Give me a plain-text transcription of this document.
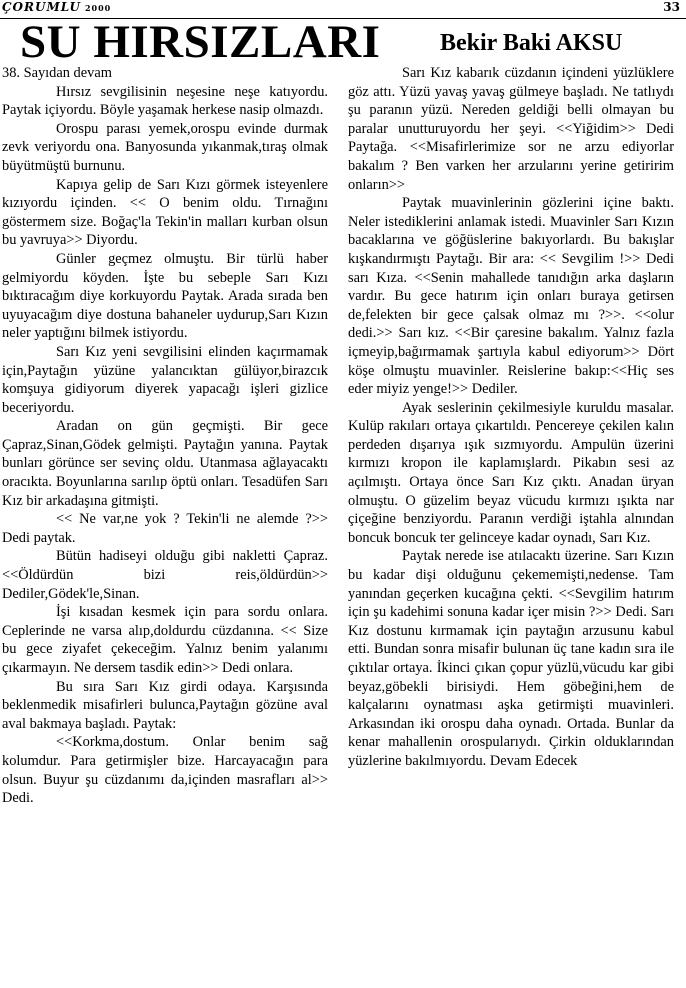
ÇORUMLU 2000	33
SU HIRSIZLARI Bekir Baki AKSU

38. Sayıdan devam

Hırsız sevgilisinin neşesine neşe katıyordu. Paytak içiyordu. Böyle yaşamak herkese nasip olmazdı.

Orospu parası yemek,orospu evinde durmak zevk veriyordu ona. Banyosunda yıkanmak,tıraş olmak büyütmüştü burnunu.

Kapıya gelip de Sarı Kızı görmek isteyenlere kızıyordu içinden. << O benim oldu. Tırnağını göstermem size. Boğaç'la Tekin'in malları kurban olsun bu yavruya>> Diyordu.

Günler geçmez olmuştu. Bir türlü haber gelmiyordu köyden. İşte bu sebeple Sarı Kızı bıktıracağım diye korkuyordu Paytak. Arada sırada ben uyuyacağım diye dostuna bahaneler uydurup,Sarı Kızın neler yaptığını bilmek istiyordu.

Sarı Kız yeni sevgilisini elinden kaçırmamak için,Paytağın yüzüne yalancıktan gülüyor,birazcık komşuya gidiyorum diyerek yapacağı işleri gizlice beceriyordu.

Aradan on gün geçmişti. Bir gece Çapraz,Sinan,Gödek gelmişti. Paytağın yanına. Paytak bunları görünce ser sevinç oldu. Utanmasa ağlayacaktı oracıkta. Boyunlarına sarılıp öptü onları. Tesadüfen Sarı Kız bir arkadaşına gitmişti.

<< Ne var,ne yok ? Tekin'li ne alemde ?>> Dedi paytak.

Bütün hadiseyi olduğu gibi nakletti Çapraz. <<Öldürdün bizi reis,öldürdün>> Dediler,Gödek'le,Sinan.

İşi kısadan kesmek için para sordu onlara. Ceplerinde ne varsa alıp,doldurdu cüzdanına. << Size bu gece ziyafet çekeceğim. Yalnız benim yalanımı çıkarmayın. Ne dersem tasdik edin>> Dedi onlara.

Bu sıra Sarı Kız girdi odaya. Karşısında beklenmedik misafirleri bulunca,Paytağın gözüne aval aval bakmaya başladı. Paytak:

<<Korkma,dostum. Onlar benim sağ kolumdur. Para getirmişler bize. Harcayacağın para olsun. Buyur şu cüzdanımı da,içinden masrafları al>> Dedi.

Sarı Kız kabarık cüzdanın içindeni yüzlüklere göz attı. Yüzü yavaş yavaş gülmeye başladı. Ne tatlıydı şu paranın yüzü. Nereden geldiği belli olmayan bu paralar unutturuyordu her şeyi. <<Yiğidim>> Dedi Paytağa. <<Misafirlerimize sor ne arzu ediyorlar bakalım ? Ben varken her arzularını yerine getiririm onların>>

Paytak muavinlerinin gözlerini içine baktı. Neler istediklerini anlamak istedi. Muavinler Sarı Kızın bacaklarına ve göğüslerine bakıyorlardı. Bu bakışlar kışkandırmıştı Paytağı. Bir ara: << Sevgilim !>> Dedi sarı Kıza. <<Senin mahallede tanıdığın arka daşların vardır. Bu gece hatırım için onları buraya getirsen de,felekten bir gece çalsak olmaz mı ?>>. <<olur dedi.>> Sarı kız. <<Bir çaresine bakalım. Yalnız fazla içmeyip,bağırmamak şartıyla kabul ediyorum>> Dört köşe olmuştu muavinler. Reislerine bakıp:<<Hiç ses eder miyiz yenge!>> Dediler.

Ayak seslerinin çekilmesiyle kuruldu masalar. Kulüp rakıları ortaya çıkartıldı. Pencereye çekilen kalın perdeden dışarıya ışık sızmıyordu. Ampulün üzerini kırmızı kropon ile kaplamışlardı. Pikabın sesi az açılmıştı. Ortaya önce Sarı Kız çıktı. Anadan üryan olmuştu. O güzelim beyaz vücudu kırmızı ışıkta nar çiçeğine benziyordu. Paranın verdiği iştahla alnından boncuk boncuk ter gelinceye kadar oynadı, Sarı Kız.

Paytak nerede ise atılacaktı üzerine. Sarı Kızın bu kadar dişi olduğunu çekememişti,nedense. Tam yanından geçerken kucağına çekti. <<Sevgilim hatırım için şu kadehimi sonuna kadar içer misin ?>> Dedi. Sarı Kız dostunu kırmamak için paytağın arzusunu kabul etti. Bundan sonra misafir bulunan üç tane kadın sıra ile çıktılar ortaya. İkinci çıkan çopur yüzlü,vücudu kar gibi beyaz,göbekli birisiydi. Hem göbeğini,hem de kalçalarını oynatması aşka getirmişti muavinleri. Arkasından iki orospu daha oynadı. Ortada. Bunlar da kenar mahallenin orospularıydı. Çirkin olduklarından yüzlerine bakılmıyordu. Devam Edecek
